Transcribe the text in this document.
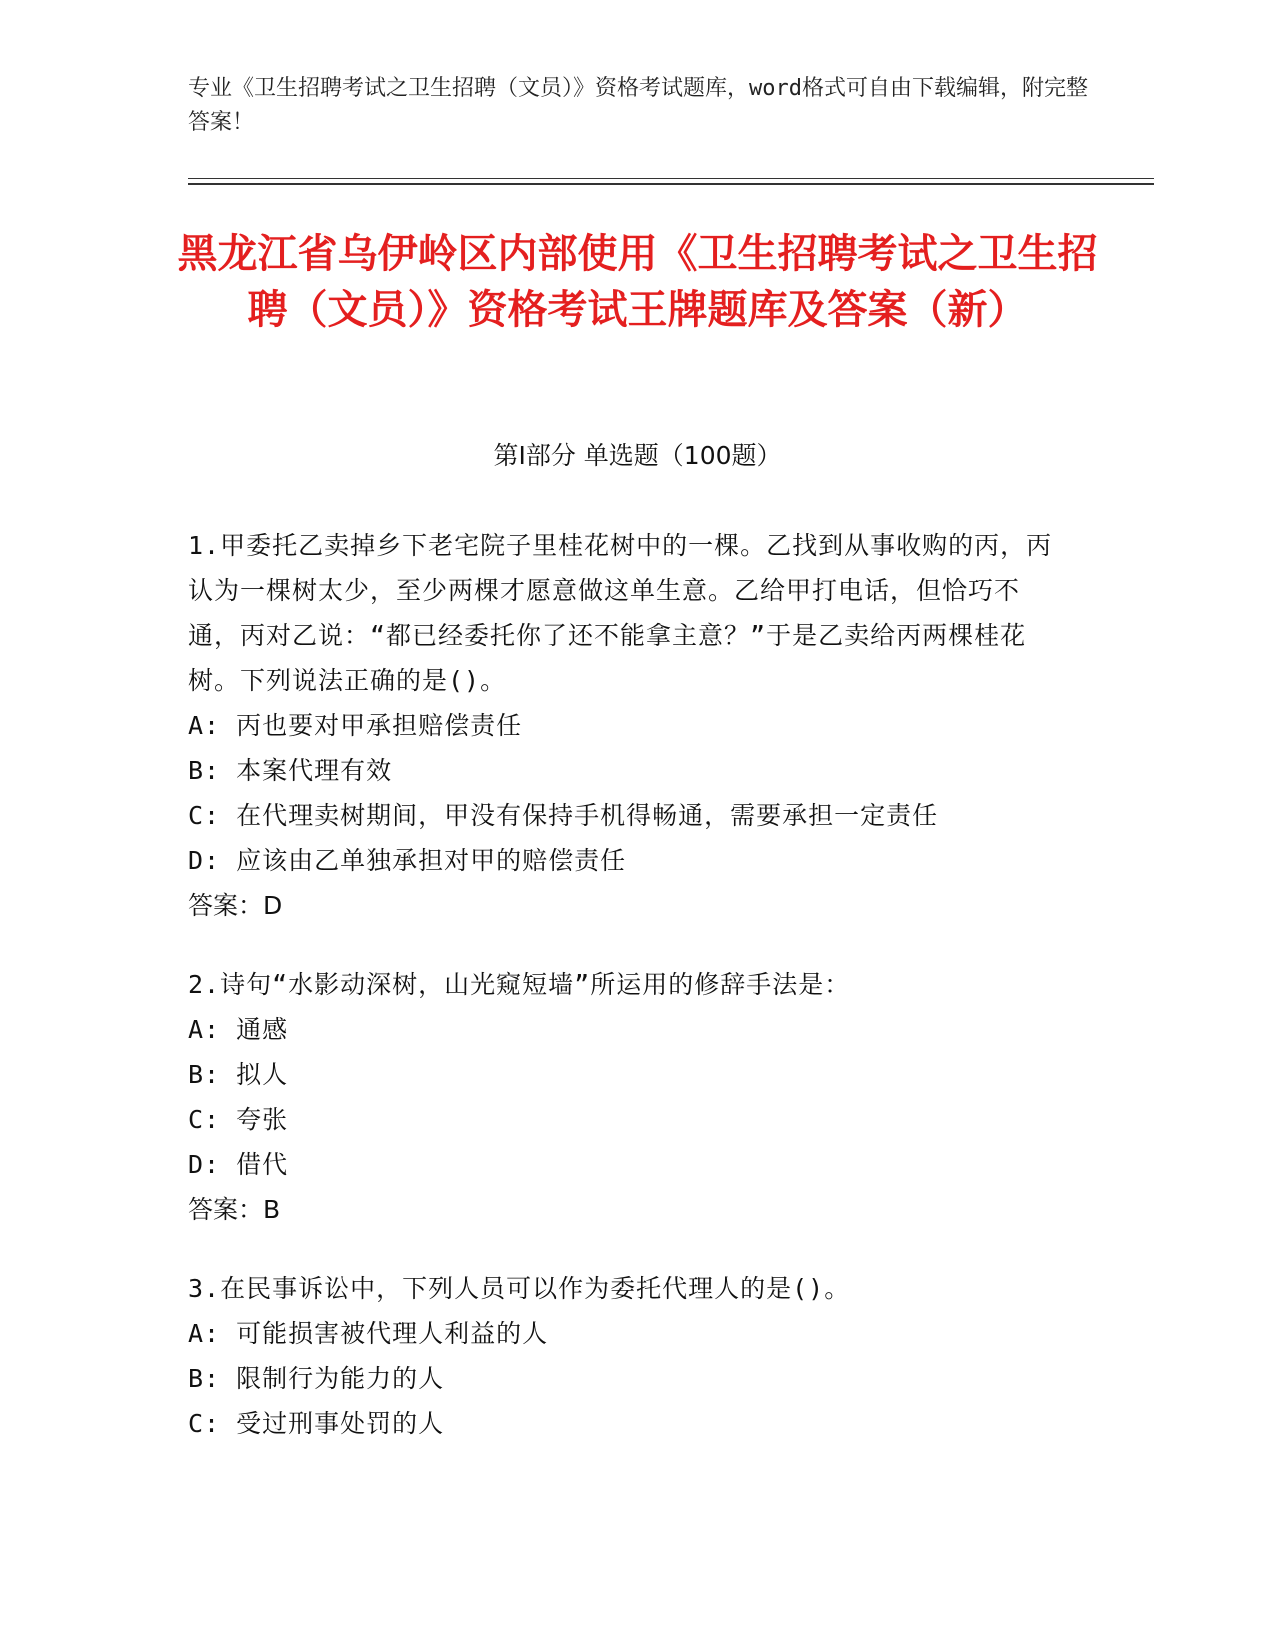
专业《卫生招聘考试之卫生招聘（文员）》资格考试题库，word格式可自由下载编辑，附完整答案！
黑龙江省乌伊岭区内部使用《卫生招聘考试之卫生招聘（文员）》资格考试王牌题库及答案（新）
第Ⅰ部分 单选题（100题）
1.甲委托乙卖掉乡下老宅院子里桂花树中的一棵。乙找到从事收购的丙，丙认为一棵树太少，至少两棵才愿意做这单生意。乙给甲打电话，但恰巧不通，丙对乙说：“都已经委托你了还不能拿主意？”于是乙卖给丙两棵桂花树。下列说法正确的是()。
A: 丙也要对甲承担赔偿责任
B: 本案代理有效
C: 在代理卖树期间，甲没有保持手机得畅通，需要承担一定责任
D: 应该由乙单独承担对甲的赔偿责任
答案：D
2.诗句“水影动深树，山光窥短墙”所运用的修辞手法是：
A: 通感
B: 拟人
C: 夸张
D: 借代
答案：B
3.在民事诉讼中，下列人员可以作为委托代理人的是()。
A: 可能损害被代理人利益的人
B: 限制行为能力的人
C: 受过刑事处罚的人
